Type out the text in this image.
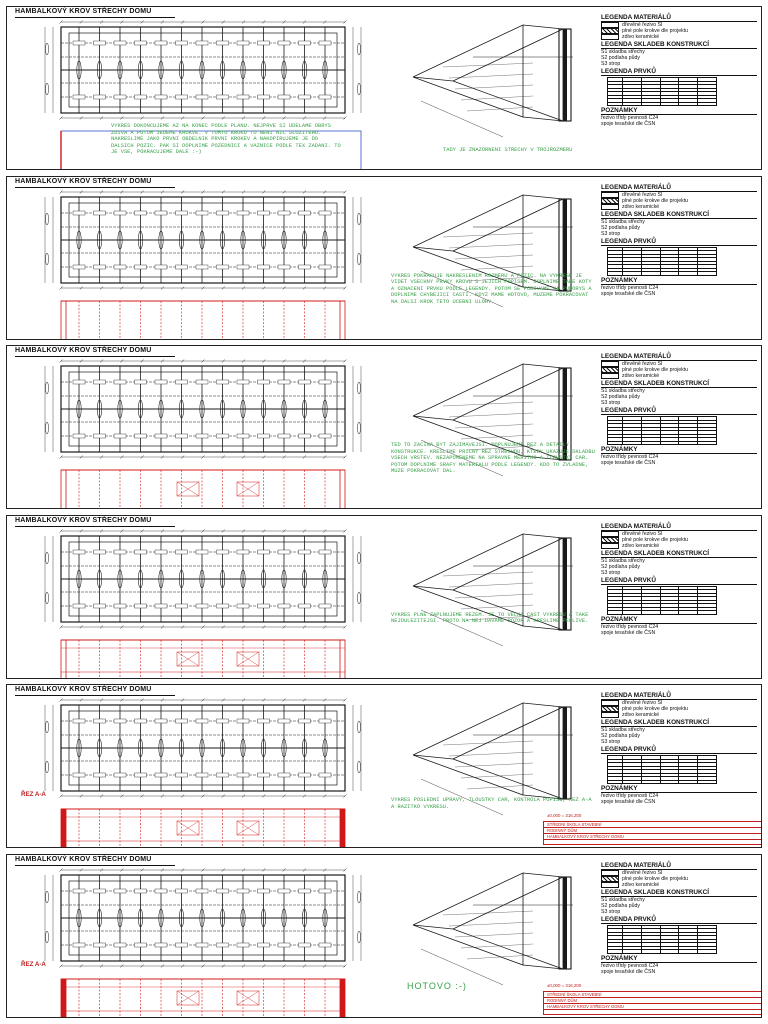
HAMBALKOVÝ KROV STŘECHY DOMU
LEGENDA MATERIÁLŮ
dřevěné řezivo SI
plné pole krokve dle projektu
zdivo keramické
LEGENDA SKLADEB KONSTRUKCÍ
S1 skladba střechy
S2 podlaha půdy
S3 strop
LEGENDA PRVKŮ

POZNÁMKY
řezivo třídy pevnosti C24
spoje tesařské dle ČSN
VYKRES DOKONCUJEME AZ NA KONEC PODLE PLANU. NEJPRVE SI UDELAME OBRYS ZDIVA A POTOM JEDEME KROKVE. V TOMTO KROKU TO NENI NIC SLOZITEHO. NAKRESLIME JAKO PRVNI OBDELNIK PRVNI KROKEV A NAKOPIRUJEME JE DO DALSICH POZIC. PAK SI DOPLNIME POZEDNICI A VAZNICE PODLE TEX ZADANI. TO JE VSE, POKRACUJEME DALE :-)	TADY JE ZNAZORNENI STRECHY V TROJROZMERU
HAMBALKOVÝ KROV STŘECHY DOMU
LEGENDA MATERIÁLŮ
dřevěné řezivo SI
plné pole krokve dle projektu
zdivo keramické
LEGENDA SKLADEB KONSTRUKCÍ
S1 skladba střechy
S2 podlaha půdy
S3 strop
LEGENDA PRVKŮ

POZNÁMKY
řezivo třídy pevnosti C24
spoje tesařské dle ČSN
VYKRES POKRACUJE NAKRESLENIM ROZMERU A POZIC. NA VYKRESE JE VIDET VSECHNY PRVKY KROVU S JEJICH POPISEM. DOPLNIME TAKE KOTY A OZNACENI PRVKU PODLE LEGENDY. POTOM SE PODIVAME NA PUDORYS A DOPLNIME CHYBEJICI CASTI. KDYZ MAME HOTOVO, MUZEME POKRACOVAT NA DALSI KROK TETO UCEBNI ULOHY.
HAMBALKOVÝ KROV STŘECHY DOMU
LEGENDA MATERIÁLŮ
dřevěné řezivo SI
plné pole krokve dle projektu
zdivo keramické
LEGENDA SKLADEB KONSTRUKCÍ
S1 skladba střechy
S2 podlaha půdy
S3 strop
LEGENDA PRVKŮ

POZNÁMKY
řezivo třídy pevnosti C24
spoje tesařské dle ČSN
TED TO ZACINA BYT ZAJIMAVEJSI. DOPLNUJEME REZ A DETAILY KONSTRUKCE. KRESLIME PRICNY REZ STRECHOU, KTERY UKAZUJE SKLADBU VSECH VRSTEV. NEZAPOMENEME NA SPRAVNE MERITKO A TLOUSTKY CAR. POTOM DOPLNIME SRAFY MATERIALU PODLE LEGENDY. KDO TO ZVLADNE, MUZE POKRACOVAT DAL.
HAMBALKOVÝ KROV STŘECHY DOMU
LEGENDA MATERIÁLŮ
dřevěné řezivo SI
plné pole krokve dle projektu
zdivo keramické
LEGENDA SKLADEB KONSTRUKCÍ
S1 skladba střechy
S2 podlaha půdy
S3 strop
LEGENDA PRVKŮ

POZNÁMKY
řezivo třídy pevnosti C24
spoje tesařské dle ČSN
VYKRES PLNE ZAPLNUJEME REZEM. JE TO VELKA CAST VYKRESU A TAKE NEJDULEZITEJSI. PROTO NA NEJ DAVAME POZOR A KRESLIME PECLIVE.
HAMBALKOVÝ KROV STŘECHY DOMU
LEGENDA MATERIÁLŮ
dřevěné řezivo SI
plné pole krokve dle projektu
zdivo keramické
LEGENDA SKLADEB KONSTRUKCÍ
S1 skladba střechy
S2 podlaha půdy
S3 strop
LEGENDA PRVKŮ

POZNÁMKY
řezivo třídy pevnosti C24
spoje tesařské dle ČSN
VYKRES POSLEDNI UPRAVY, TLOUSTKY CAR, KONTROLA POPISU, REZ A-A A RAZITKO VYKRESU.
ŘEZ A-A
±0,000 = 316,200
STŘEDNÍ ŠKOLA STAVEBNÍ
RODINNÝ DŮM
HAMBALKOVÝ KROV STŘECHY DOMU
HAMBALKOVÝ KROV STŘECHY DOMU
LEGENDA MATERIÁLŮ
dřevěné řezivo SI
plné pole krokve dle projektu
zdivo keramické
LEGENDA SKLADEB KONSTRUKCÍ
S1 skladba střechy
S2 podlaha půdy
S3 strop
LEGENDA PRVKŮ

POZNÁMKY
řezivo třídy pevnosti C24
spoje tesařské dle ČSN
HOTOVO :-)
ŘEZ A-A
±0,000 = 316,200
STŘEDNÍ ŠKOLA STAVEBNÍ
RODINNÝ DŮM
HAMBALKOVÝ KROV STŘECHY DOMU
